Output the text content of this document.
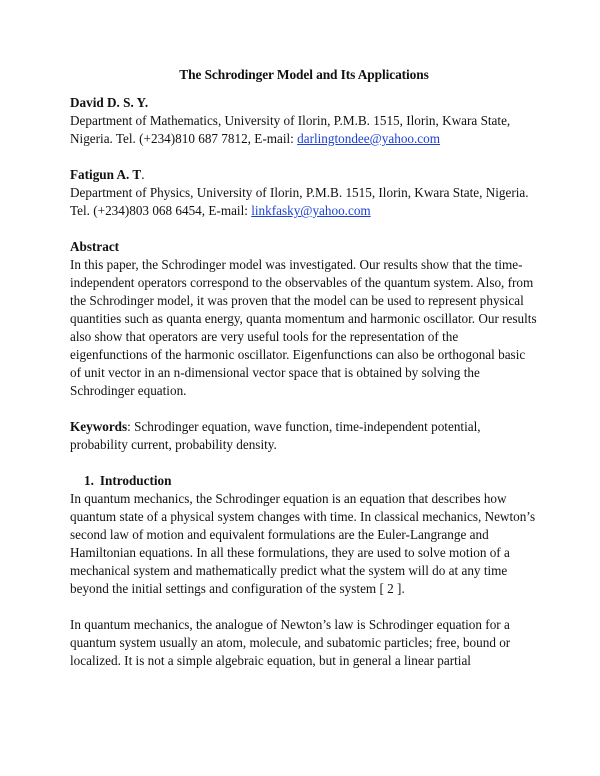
The Schrodinger Model and Its Applications

David D. S. Y.

Department of Mathematics, University of Ilorin, P.M.B. 1515, Ilorin, Kwara State, Nigeria. Tel. (+234)810 687 7812, E-mail: darlingtondee@yahoo.com

Fatigun A. T.

Department of Physics, University of Ilorin, P.M.B. 1515, Ilorin, Kwara State, Nigeria. Tel. (+234)803 068 6454, E-mail: linkfasky@yahoo.com

Abstract

In this paper, the Schrodinger model was investigated. Our results show that the time-independent operators correspond to the observables of the quantum system. Also, from the Schrodinger model, it was proven that the model can be used to represent physical quantities such as quanta energy, quanta momentum and harmonic oscillator. Our results also show that operators are very useful tools for the representation of the eigenfunctions of the harmonic oscillator. Eigenfunctions can also be orthogonal basic of unit vector in an n-dimensional vector space that is obtained by solving the Schrodinger equation.

Keywords: Schrodinger equation, wave function, time-independent potential, probability current, probability density.

1. Introduction

In quantum mechanics, the Schrodinger equation is an equation that describes how quantum state of a physical system changes with time. In classical mechanics, Newton’s second law of motion and equivalent formulations are the Euler-Langrange and Hamiltonian equations. In all these formulations, they are used to solve motion of a mechanical system and mathematically predict what the system will do at any time beyond the initial settings and configuration of the system [ 2 ].

In quantum mechanics, the analogue of Newton’s law is Schrodinger equation for a quantum system usually an atom, molecule, and subatomic particles; free, bound or localized. It is not a simple algebraic equation, but in general a linear partial
